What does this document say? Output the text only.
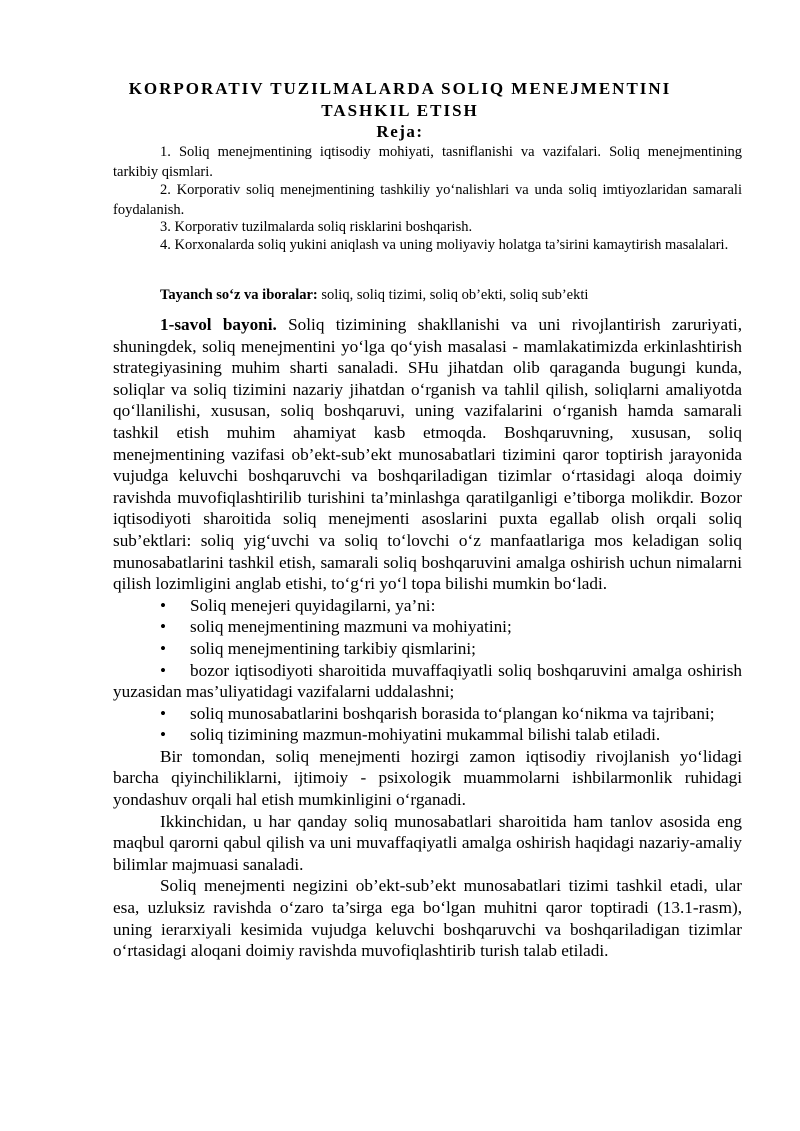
KORPORATIV TUZILMALARDA SOLIQ MENEJMENTINI
TASHKIL ETISH
Reja:

1. Soliq menejmentining iqtisodiy mohiyati, tasniflanishi va vazifalari. Soliq menejmentining tarkibiy qismlari.

2. Korporativ soliq menejmentining tashkiliy yo‘nalishlari va unda soliq imtiyozlaridan samarali foydalanish.

3. Korporativ tuzilmalarda soliq risklarini boshqarish.

4. Korxonalarda soliq yukini aniqlash va uning moliyaviy holatga ta’sirini kamaytirish masalalari.

Tayanch so‘z va iboralar: soliq, soliq tizimi, soliq ob’ekti, soliq sub’ekti

1-savol bayoni. Soliq tizimining shakllanishi va uni rivojlantirish zaruriyati, shuningdek, soliq menejmentini yo‘lga qo‘yish masalasi - mamlakatimizda erkinlashtirish strategiyasining muhim sharti sanaladi. SHu jihatdan olib qaraganda bugungi kunda, soliqlar va soliq tizimini nazariy jihatdan o‘rganish va tahlil qilish, soliqlarni amaliyotda qo‘llanilishi, xususan, soliq boshqaruvi, uning vazifalarini o‘rganish hamda samarali tashkil etish muhim ahamiyat kasb etmoqda. Boshqaruvning, xususan, soliq menejmentining vazifasi ob’ekt-sub’ekt munosabatlari tizimini qaror toptirish jarayonida vujudga keluvchi boshqaruvchi va boshqariladigan tizimlar o‘rtasidagi aloqa doimiy ravishda muvofiqlashtirilib turishini ta’minlashga qaratilganligi e’tiborga molikdir. Bozor iqtisodiyoti sharoitida soliq menejmenti asoslarini puxta egallab olish orqali soliq sub’ektlari: soliq yig‘uvchi va soliq to‘lovchi o‘z manfaatlariga mos keladigan soliq munosabatlarini tashkil etish, samarali soliq boshqaruvini amalga oshirish uchun nimalarni qilish lozimligini anglab etishi, to‘g‘ri yo‘l topa bilishi mumkin bo‘ladi.

• Soliq menejeri quyidagilarni, ya’ni:

• soliq menejmentining mazmuni va mohiyatini;

• soliq menejmentining tarkibiy qismlarini;

• bozor iqtisodiyoti sharoitida muvaffaqiyatli soliq boshqaruvini amalga oshirish yuzasidan mas’uliyatidagi vazifalarni uddalashni;

• soliq munosabatlarini boshqarish borasida to‘plangan ko‘nikma va tajribani;

• soliq tizimining mazmun-mohiyatini mukammal bilishi talab etiladi.

Bir tomondan, soliq menejmenti hozirgi zamon iqtisodiy rivojlanish yo‘lidagi barcha qiyinchiliklarni, ijtimoiy - psixologik muammolarni ishbilarmonlik ruhidagi yondashuv orqali hal etish mumkinligini o‘rganadi.

Ikkinchidan, u har qanday soliq munosabatlari sharoitida ham tanlov asosida eng maqbul qarorni qabul qilish va uni muvaffaqiyatli amalga oshirish haqidagi nazariy-amaliy bilimlar majmuasi sanaladi.

Soliq menejmenti negizini ob’ekt-sub’ekt munosabatlari tizimi tashkil etadi, ular esa, uzluksiz ravishda o‘zaro ta’sirga ega bo‘lgan muhitni qaror toptiradi (13.1-rasm), uning ierarxiyali kesimida vujudga keluvchi boshqaruvchi va boshqariladigan tizimlar o‘rtasidagi aloqani doimiy ravishda muvofiqlashtirib turish talab etiladi.
